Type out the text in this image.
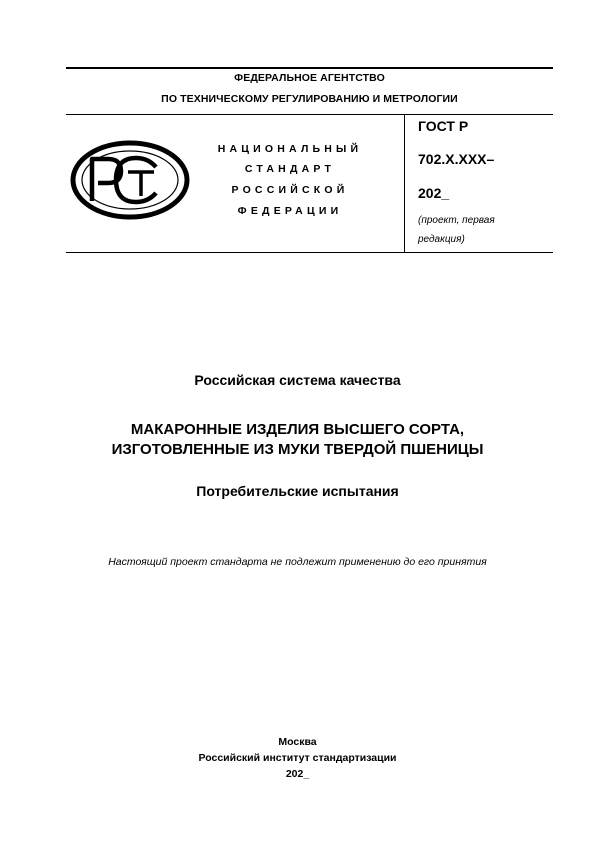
ФЕДЕРАЛЬНОЕ АГЕНТСТВО
ПО ТЕХНИЧЕСКОМУ РЕГУЛИРОВАНИЮ И МЕТРОЛОГИИ
НАЦИОНАЛЬНЫЙ
СТАНДАРТ
РОССИЙСКОЙ
ФЕДЕРАЦИИ
ГОСТ Р
702.X.XXX–
202_
(проект, первая
редакция)
Российская система качества
МАКАРОННЫЕ ИЗДЕЛИЯ ВЫСШЕГО СОРТА,
ИЗГОТОВЛЕННЫЕ ИЗ МУКИ ТВЕРДОЙ ПШЕНИЦЫ
Потребительские испытания
Настоящий проект стандарта не подлежит применению до его принятия
Москва
Российский институт стандартизации
202_
